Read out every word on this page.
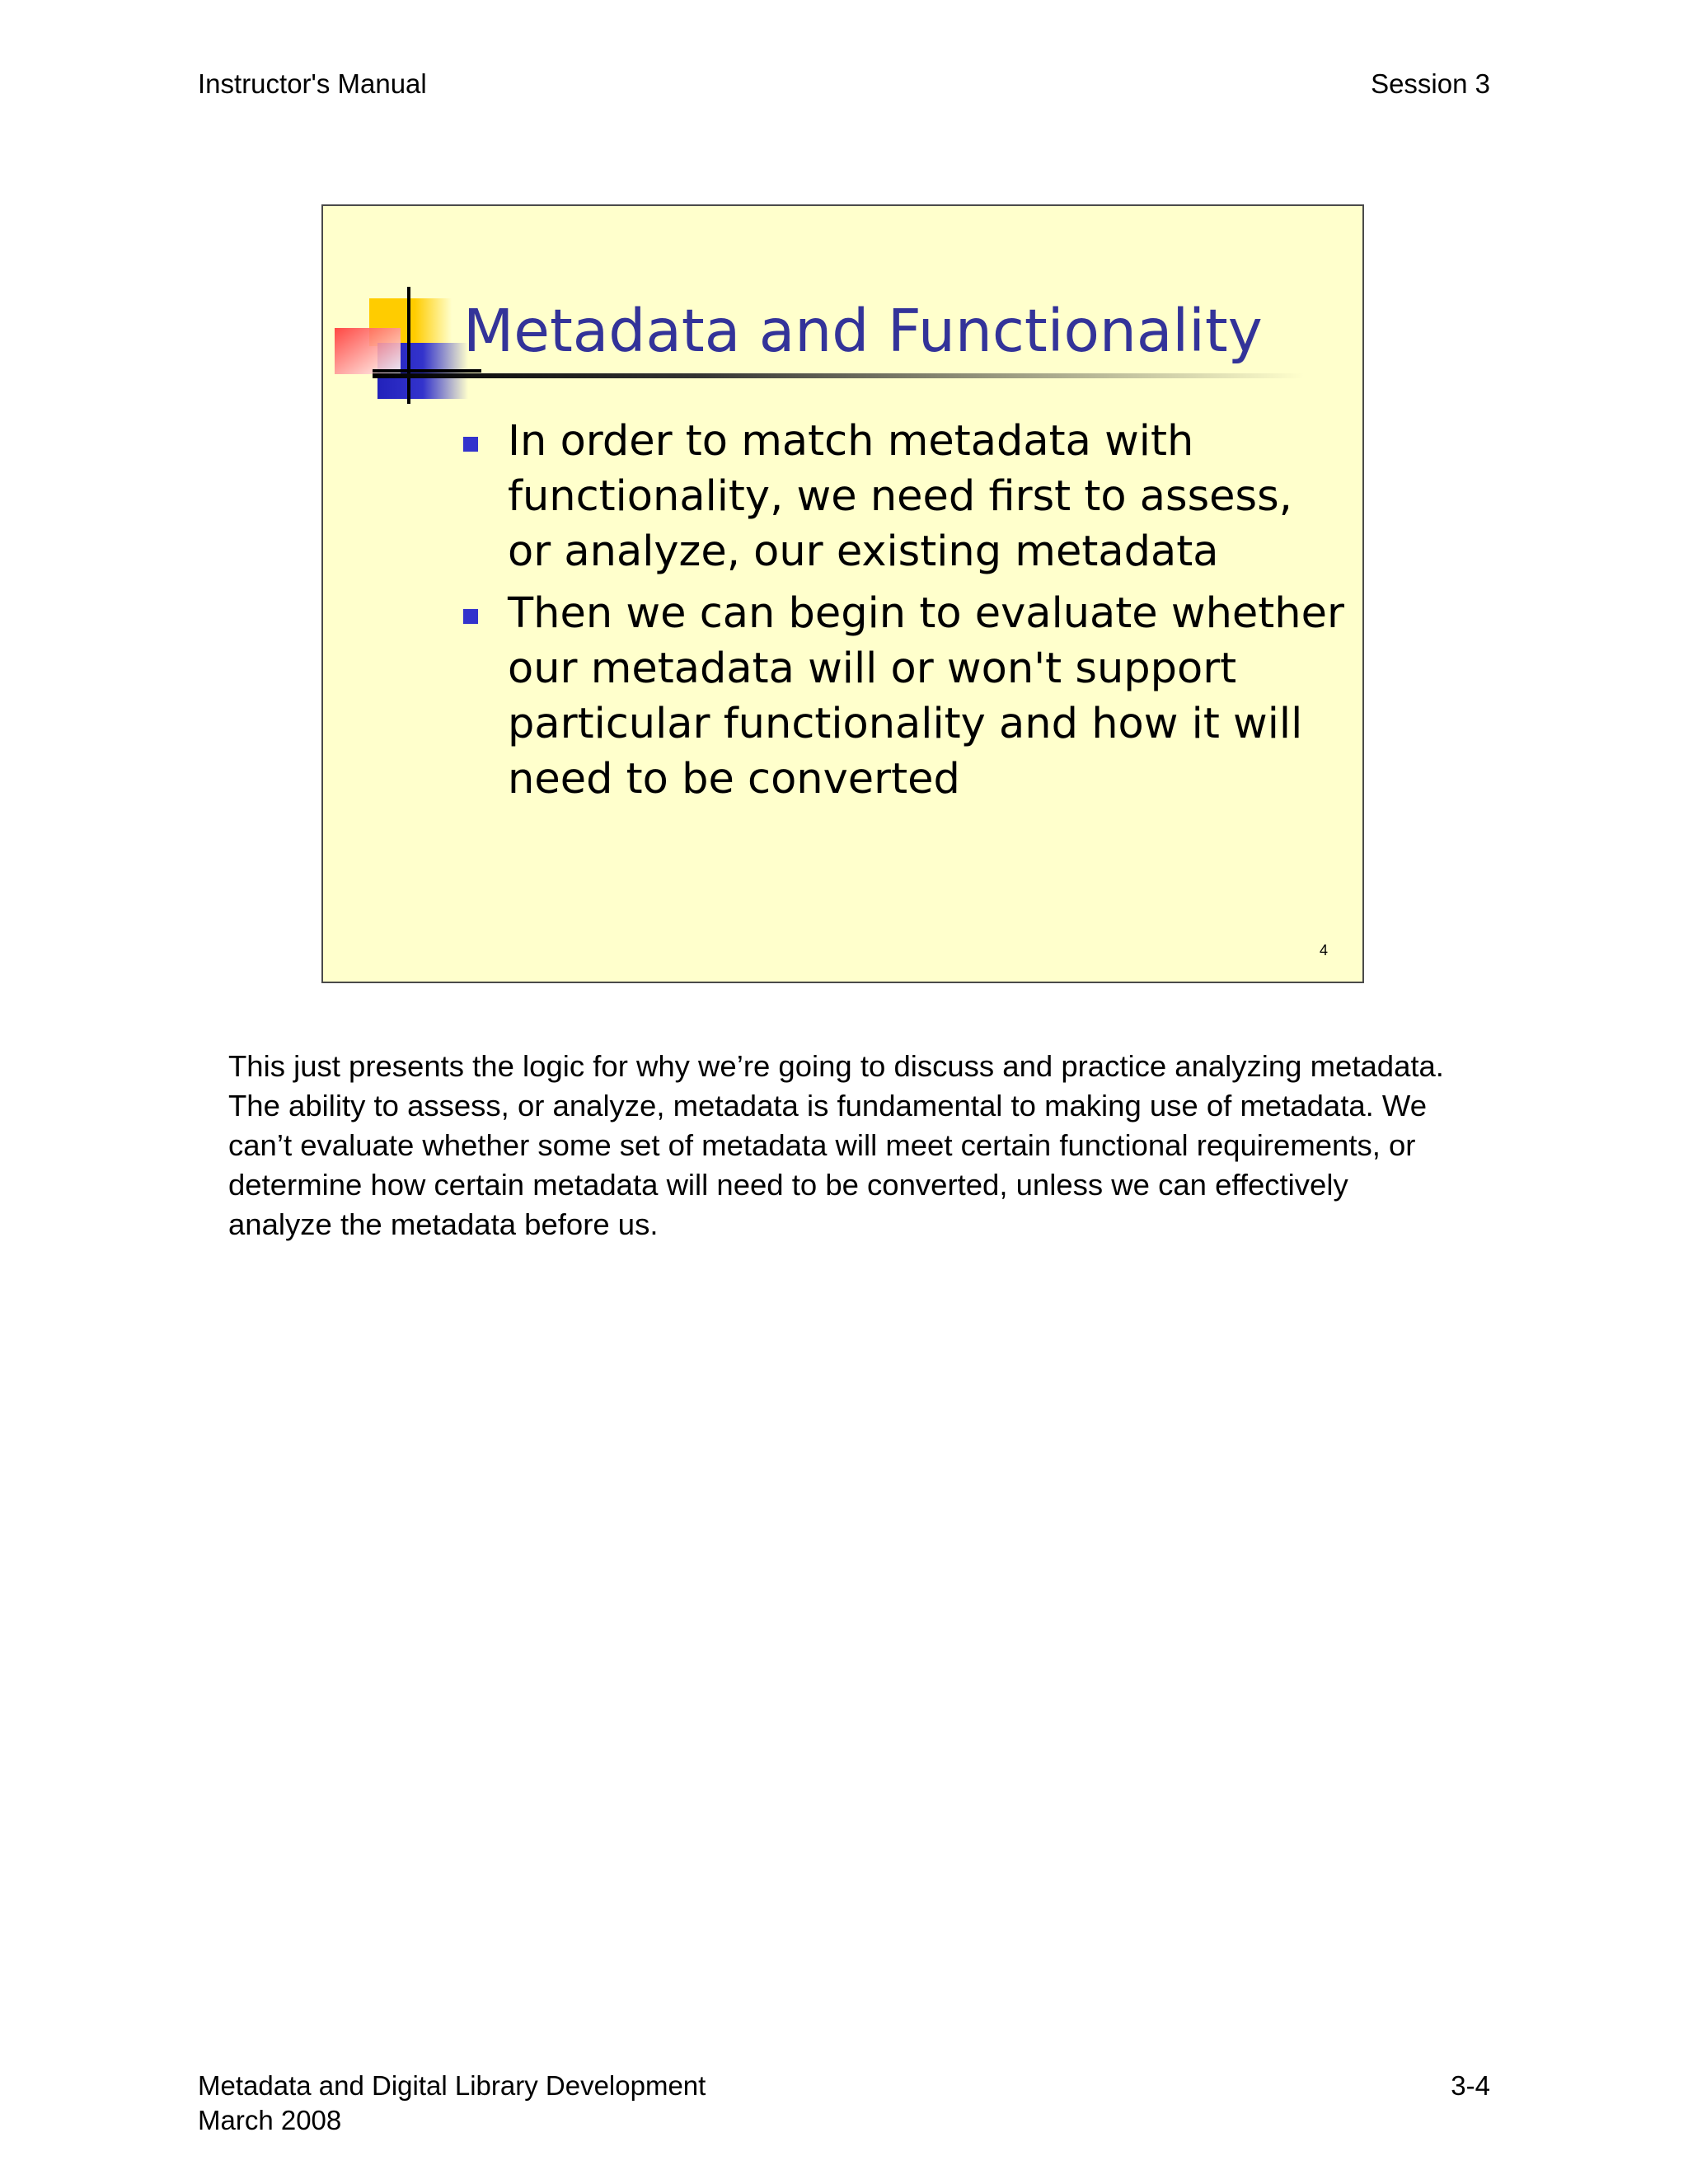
Instructor's Manual	Session 3
Metadata and Functionality
In order to match metadata with functionality, we need first to assess, or analyze, our existing metadata
Then we can begin to evaluate whether our metadata will or won't support particular functionality and how it will need to be converted
4

This just presents the logic for why we’re going to discuss and practice analyzing metadata. The ability to assess, or analyze, metadata is fundamental to making use of metadata. We can’t evaluate whether some set of metadata will meet certain functional requirements, or determine how certain metadata will need to be converted, unless we can effectively analyze the metadata before us.

Metadata and Digital Library Development
March 2008
3-4
